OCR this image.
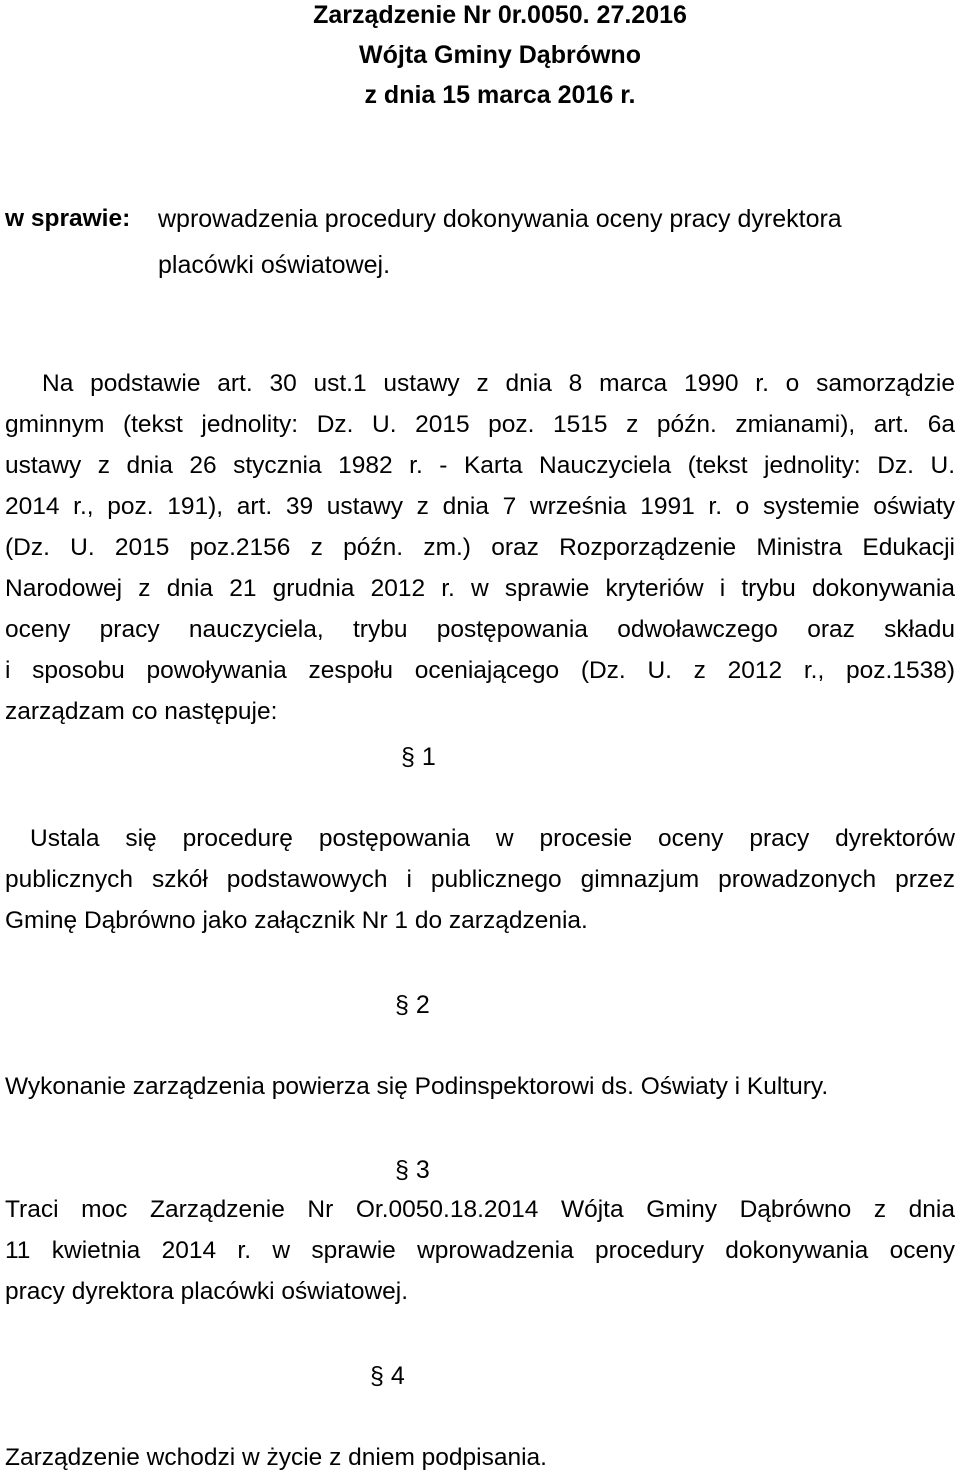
Zarządzenie Nr 0r.0050. 27.2016
Wójta Gminy Dąbrówno
z dnia 15 marca 2016 r.
w sprawie: wprowadzenia procedury dokonywania oceny pracy dyrektora
placówki oświatowej.
Na podstawie art. 30 ust.1 ustawy z dnia 8 marca 1990 r. o samorządzie
gminnym (tekst jednolity: Dz. U. 2015 poz. 1515 z późn. zmianami), art. 6a
ustawy z dnia 26 stycznia 1982 r. - Karta Nauczyciela (tekst jednolity: Dz. U.
2014 r., poz. 191), art. 39 ustawy z dnia 7 września 1991 r. o systemie oświaty
(Dz. U. 2015 poz.2156 z późn. zm.) oraz Rozporządzenie Ministra Edukacji
Narodowej z dnia 21 grudnia 2012 r. w sprawie kryteriów i trybu dokonywania
oceny pracy nauczyciela, trybu postępowania odwoławczego oraz składu
i sposobu powoływania zespołu oceniającego (Dz. U. z 2012 r., poz.1538)
zarządzam co następuje:
§ 1
Ustala się procedurę postępowania w procesie oceny pracy dyrektorów
publicznych szkół podstawowych i publicznego gimnazjum prowadzonych przez
Gminę Dąbrówno jako załącznik Nr 1 do zarządzenia.
§ 2
Wykonanie zarządzenia powierza się Podinspektorowi ds. Oświaty i Kultury.
§ 3
Traci moc Zarządzenie Nr Or.0050.18.2014 Wójta Gminy Dąbrówno z dnia
11 kwietnia 2014 r. w sprawie wprowadzenia procedury dokonywania oceny
pracy dyrektora placówki oświatowej.
§ 4
Zarządzenie wchodzi w życie z dniem podpisania.
